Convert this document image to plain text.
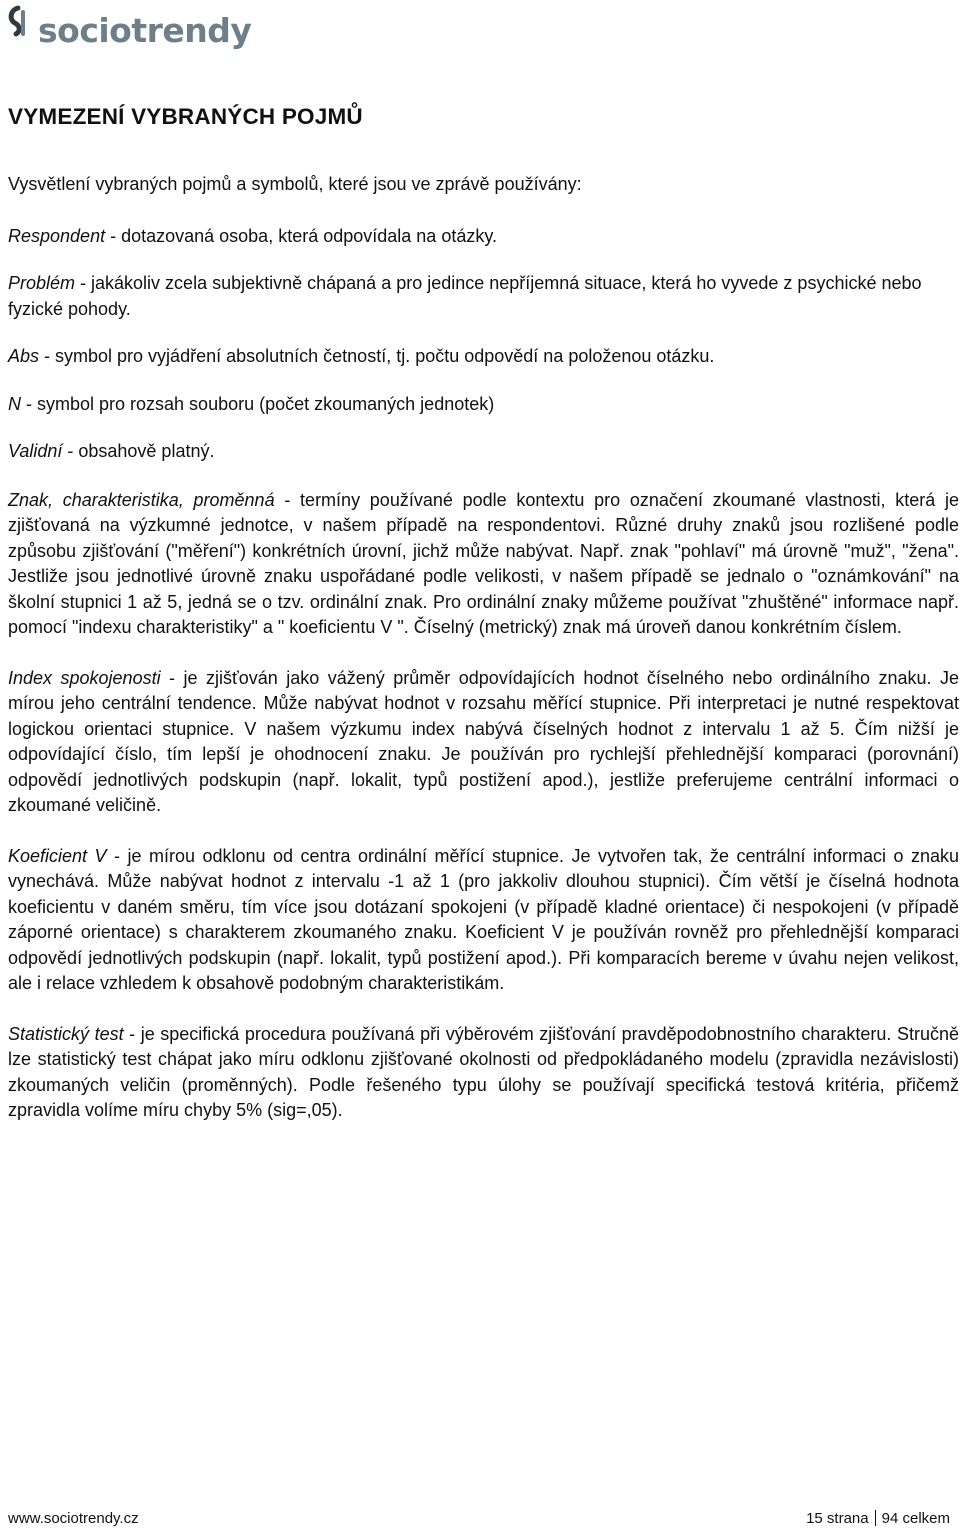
sociotrendy
VYMEZENÍ VYBRANÝCH POJMŮ

Vysvětlení vybraných pojmů a symbolů, které jsou ve zprávě používány:

Respondent - dotazovaná osoba, která odpovídala na otázky.

Problém - jakákoliv zcela subjektivně chápaná a pro jedince nepříjemná situace, která ho vyvede z psychické nebo fyzické pohody.

Abs - symbol pro vyjádření absolutních četností, tj. počtu odpovědí na položenou otázku.

N - symbol pro rozsah souboru (počet zkoumaných jednotek)

Validní - obsahově platný.

Znak, charakteristika, proměnná - termíny používané podle kontextu pro označení zkoumané vlastnosti, která je zjišťovaná na výzkumné jednotce, v našem případě na respondentovi. Různé druhy znaků jsou rozlišené podle způsobu zjišťování ("měření") konkrétních úrovní, jichž může nabývat. Např. znak "pohlaví" má úrovně "muž", "žena". Jestliže jsou jednotlivé úrovně znaku uspořádané podle velikosti, v našem případě se jednalo o "oznámkování" na školní stupnici 1 až 5, jedná se o tzv. ordinální znak. Pro ordinální znaky můžeme používat "zhuštěné" informace např. pomocí "indexu charakteristiky" a " koeficientu V ". Číselný (metrický) znak má úroveň danou konkrétním číslem.

Index spokojenosti - je zjišťován jako vážený průměr odpovídajících hodnot číselného nebo ordinálního znaku. Je mírou jeho centrální tendence. Může nabývat hodnot v rozsahu měřící stupnice. Při interpretaci je nutné respektovat logickou orientaci stupnice. V našem výzkumu index nabývá číselných hodnot z intervalu 1 až 5. Čím nižší je odpovídající číslo, tím lepší je ohodnocení znaku. Je používán pro rychlejší přehlednější komparaci (porovnání) odpovědí jednotlivých podskupin (např. lokalit, typů postižení apod.), jestliže preferujeme centrální informaci o zkoumané veličině.

Koeficient V - je mírou odklonu od centra ordinální měřící stupnice. Je vytvořen tak, že centrální informaci o znaku vynechává. Může nabývat hodnot z intervalu -1 až 1 (pro jakkoliv dlouhou stupnici). Čím větší je číselná hodnota koeficientu v daném směru, tím více jsou dotázaní spokojeni (v případě kladné orientace) či nespokojeni (v případě záporné orientace) s charakterem zkoumaného znaku. Koeficient V je používán rovněž pro přehlednější komparaci odpovědí jednotlivých podskupin (např. lokalit, typů postižení apod.). Při komparacích bereme v úvahu nejen velikost, ale i relace vzhledem k obsahově podobným charakteristikám.

Statistický test - je specifická procedura používaná při výběrovém zjišťování pravděpodobnostního charakteru. Stručně lze statistický test chápat jako míru odklonu zjišťované okolnosti od předpokládaného modelu (zpravidla nezávislosti) zkoumaných veličin (proměnných). Podle řešeného typu úlohy se používají specifická testová kritéria, přičemž zpravidla volíme míru chyby 5% (sig=,05).

www.sociotrendy.cz	15 strana 94 celkem
